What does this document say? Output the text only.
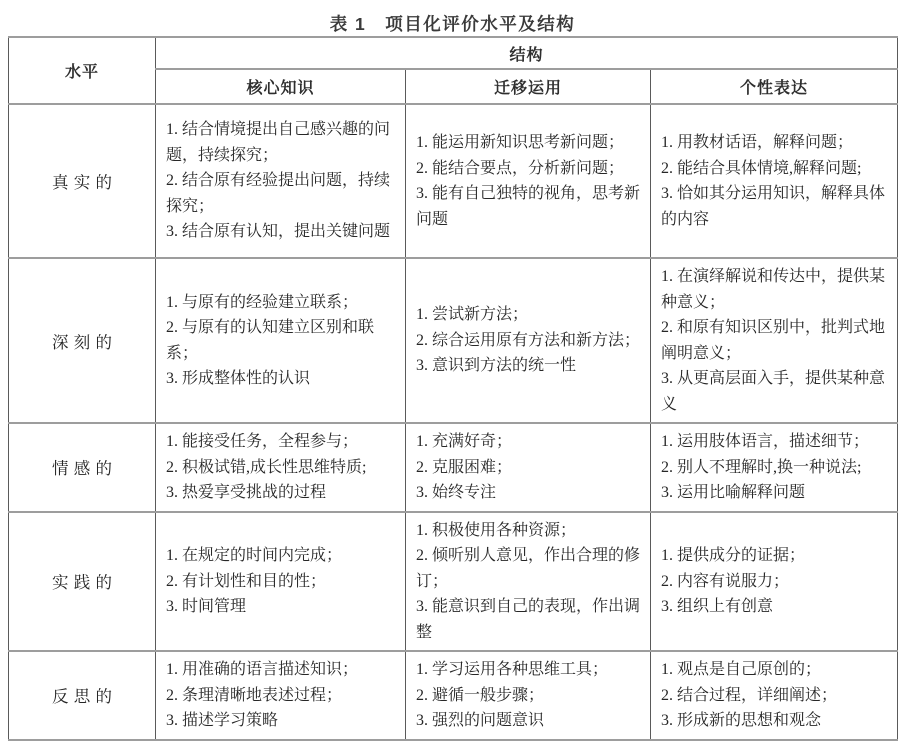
表 1　项目化评价水平及结构
水平	结构		
	核心知识	迁移运用	个性表达
真实的	1. 结合情境提出自己感兴趣的问题，持续探究；
2. 结合原有经验提出问题，持续探究；
3. 结合原有认知，提出关键问题	1. 能运用新知识思考新问题；
2. 能结合要点，分析新问题；
3. 能有自己独特的视角，思考新问题	1. 用教材话语，解释问题；
2. 能结合具体情境,解释问题;
3. 恰如其分运用知识，解释具体的内容

深刻的	1. 与原有的经验建立联系；
2. 与原有的认知建立区别和联系；
3. 形成整体性的认识	1. 尝试新方法；
2. 综合运用原有方法和新方法；
3. 意识到方法的统一性	1. 在演绎解说和传达中，提供某种意义；
2. 和原有知识区别中，批判式地阐明意义；
3. 从更高层面入手，提供某种意义

情感的	1. 能接受任务，全程参与；
2. 积极试错,成长性思维特质;
3. 热爱享受挑战的过程	1. 充满好奇；
2. 克服困难；
3. 始终专注	1. 运用肢体语言，描述细节；
2. 别人不理解时,换一种说法;
3. 运用比喻解释问题

实践的	1. 在规定的时间内完成；
2. 有计划性和目的性；
3. 时间管理	1. 积极使用各种资源；
2. 倾听别人意见，作出合理的修订；
3. 能意识到自己的表现，作出调整	1. 提供成分的证据；
2. 内容有说服力；
3. 组织上有创意

反思的	1. 用准确的语言描述知识；
2. 条理清晰地表述过程；
3. 描述学习策略	1. 学习运用各种思维工具；
2. 避循一般步骤；
3. 强烈的问题意识	1. 观点是自己原创的；
2. 结合过程，详细阐述；
3. 形成新的思想和观念
